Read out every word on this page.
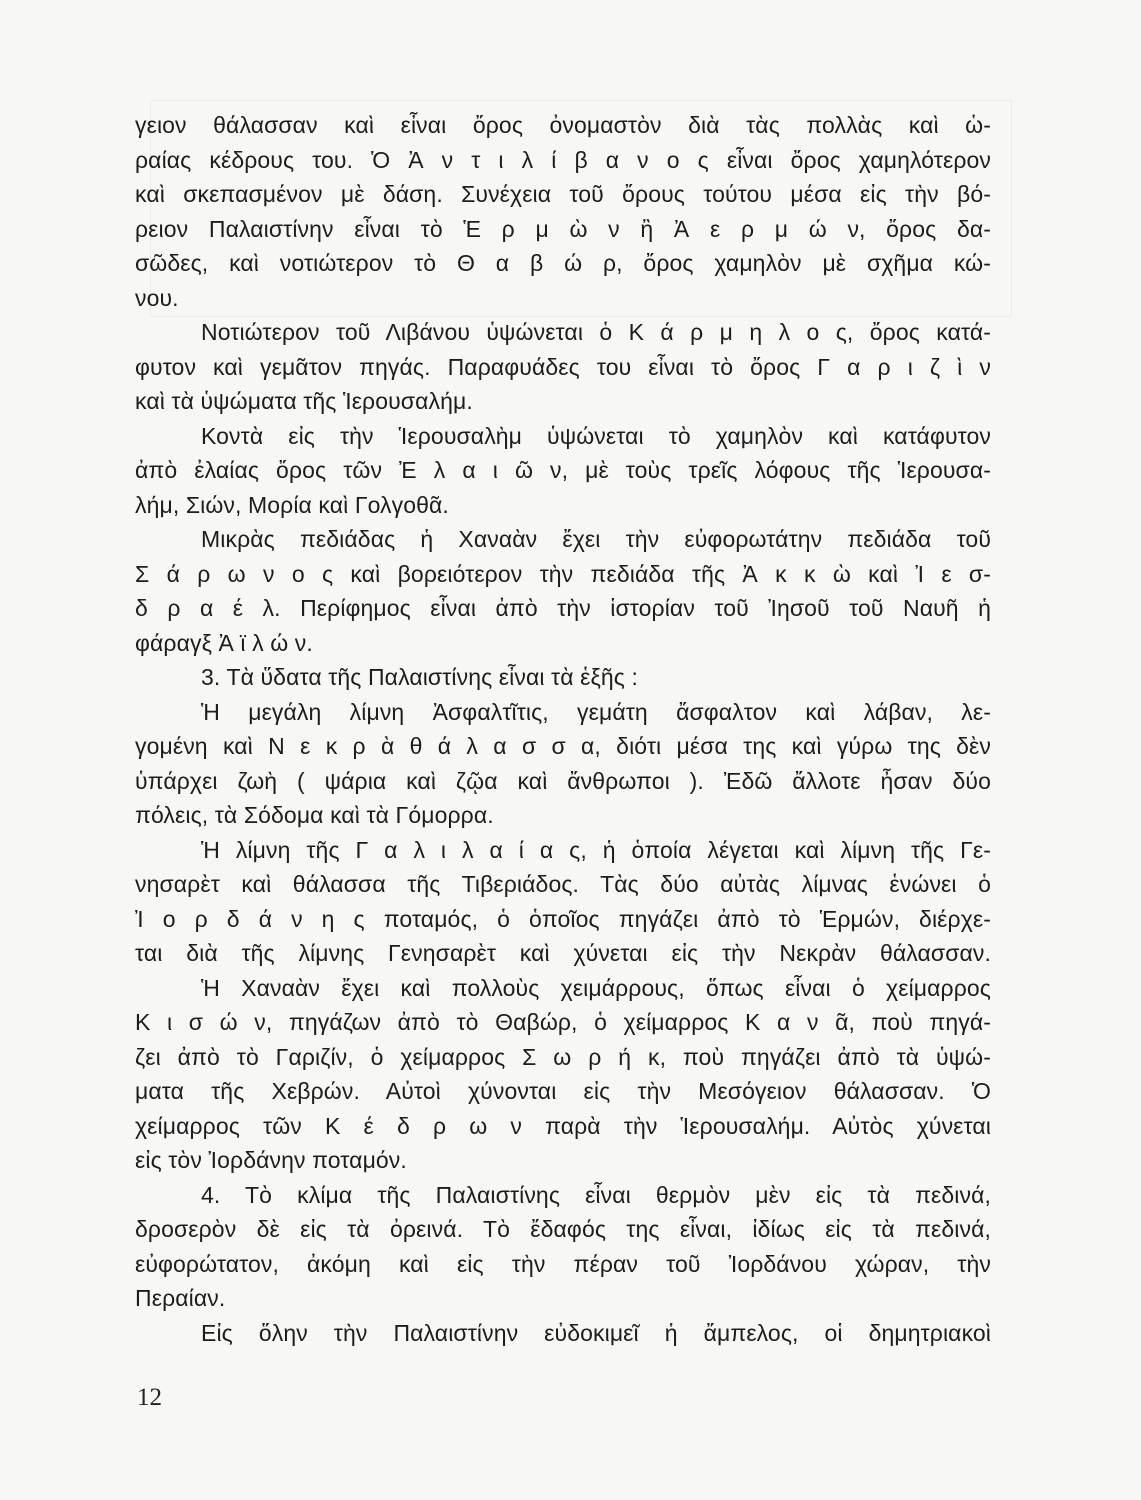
γειον θάλασσαν καὶ εἶναι ὄρος ὀνομαστὸν διὰ τὰς πολλὰς καὶ ὡ-
ραίας κέδρους του. Ὁ Ἀ ν τ ι λ ί β α ν ο ς εἶναι ὄρος χαμηλότερον
καὶ σκεπασμένον μὲ δάση. Συνέχεια τοῦ ὄρους τούτου μέσα εἰς τὴν βό-
ρειον Παλαιστίνην εἶναι τὸ Ἑ ρ μ ὼ ν ἢ Ἀ ε ρ μ ώ ν, ὄρος δα-
σῶδες, καὶ νοτιώτερον τὸ Θ α β ώ ρ, ὄρος χαμηλὸν μὲ σχῆμα κώ-
νου.
Νοτιώτερον τοῦ Λιβάνου ὑψώνεται ὁ Κ ά ρ μ η λ ο ς, ὄρος κατά-
φυτον καὶ γεμᾶτον πηγάς. Παραφυάδες του εἶναι τὸ ὄρος Γ α ρ ι ζ ὶ ν
καὶ τὰ ὑψώματα τῆς Ἱερουσαλήμ.
Κοντὰ εἰς τὴν Ἱερουσαλὴμ ὑψώνεται τὸ χαμηλὸν καὶ κατάφυτον
ἀπὸ ἐλαίας ὄρος τῶν Ἐ λ α ι ῶ ν, μὲ τοὺς τρεῖς λόφους τῆς Ἱερουσα-
λήμ, Σιών, Μορία καὶ Γολγοθᾶ.
Μικρὰς πεδιάδας ἡ Χαναὰν ἔχει τὴν εὐφορωτάτην πεδιάδα τοῦ
Σ ά ρ ω ν ο ς καὶ βορειότερον τὴν πεδιάδα τῆς Ἀ κ κ ὼ καὶ Ἰ ε σ-
δ ρ α έ λ. Περίφημος εἶναι ἀπὸ τὴν ἱστορίαν τοῦ Ἰησοῦ τοῦ Ναυῆ ἡ
φάραγξ Ἀ ϊ λ ώ ν.
3. Τὰ ὕδατα τῆς Παλαιστίνης εἶναι τὰ ἑξῆς :
Ἡ μεγάλη λίμνη Ἀσφαλτῖτις, γεμάτη ἄσφαλτον καὶ λάβαν, λε-
γομένη καὶ Ν ε κ ρ ὰ θ ά λ α σ σ α, διότι μέσα της καὶ γύρω της δὲν
ὑπάρχει ζωὴ ( ψάρια καὶ ζῷα καὶ ἄνθρωποι ). Ἐδῶ ἄλλοτε ἦσαν δύο
πόλεις, τὰ Σόδομα καὶ τὰ Γόμορρα.
Ἡ λίμνη τῆς Γ α λ ι λ α ί α ς, ἡ ὁποία λέγεται καὶ λίμνη τῆς Γε-
νησαρὲτ καὶ θάλασσα τῆς Τιβεριάδος. Τὰς δύο αὐτὰς λίμνας ἑνώνει ὁ
Ἰ ο ρ δ ά ν η ς ποταμός, ὁ ὁποῖος πηγάζει ἀπὸ τὸ Ἑρμών, διέρχε-
ται διὰ τῆς λίμνης Γενησαρὲτ καὶ χύνεται εἰς τὴν Νεκρὰν θάλασσαν.
Ἡ Χαναὰν ἔχει καὶ πολλοὺς χειμάρρους, ὅπως εἶναι ὁ χείμαρρος
Κ ι σ ώ ν, πηγάζων ἀπὸ τὸ Θαβώρ, ὁ χείμαρρος Κ α ν ᾶ, ποὺ πηγά-
ζει ἀπὸ τὸ Γαριζίν, ὁ χείμαρρος Σ ω ρ ή κ, ποὺ πηγάζει ἀπὸ τὰ ὑψώ-
ματα τῆς Χεβρών. Αὐτοὶ χύνονται εἰς τὴν Μεσόγειον θάλασσαν. Ὁ
χείμαρρος τῶν Κ έ δ ρ ω ν παρὰ τὴν Ἱερουσαλήμ. Αὐτὸς χύνεται
εἰς τὸν Ἰορδάνην ποταμόν.
4. Τὸ κλίμα τῆς Παλαιστίνης εἶναι θερμὸν μὲν εἰς τὰ πεδινά,
δροσερὸν δὲ εἰς τὰ ὀρεινά. Τὸ ἔδαφός της εἶναι, ἰδίως εἰς τὰ πεδινά,
εὐφορώτατον, ἀκόμη καὶ εἰς τὴν πέραν τοῦ Ἰορδάνου χώραν, τὴν
Περαίαν.
Εἰς ὅλην τὴν Παλαιστίνην εὐδοκιμεῖ ἡ ἄμπελος, οἱ δημητριακοὶ
12
